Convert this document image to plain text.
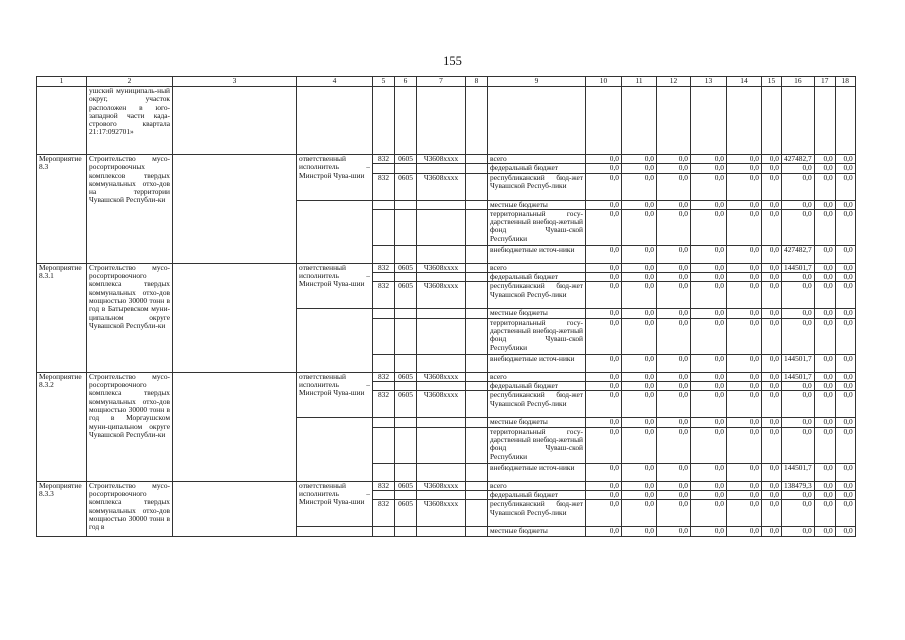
155
1	2	3	4	5	6	7	8	9	10	11	12	13	14	15	16	17	18
	ушский муниципаль-ный округ, участок расположен в юго-западной части када-стрового квартала 21:17:092701»																
Мероприятие 8.3	Строительство мусо-росортировочных комплексов твердых коммунальных отхо-дов на территории Чувашской Республи-ки		ответственный исполнитель – Минстрой Чува-шии	832	0605	Ч3608хххх		всего	0,0	0,0	0,0	0,0	0,0	0,0	427482,7	0,0	0,0
								федеральный бюджет	0,0	0,0	0,0	0,0	0,0	0,0	0,0	0,0	0,0
				832	0605	Ч3608хххх		республиканский бюд-жет Чувашской Респуб-лики	0,0	0,0	0,0	0,0	0,0	0,0	0,0	0,0	0,0
								местные бюджеты	0,0	0,0	0,0	0,0	0,0	0,0	0,0	0,0	0,0
								территориальный госу-дарственный внебюд-жетный фонд Чуваш-ской Республики	0,0	0,0	0,0	0,0	0,0	0,0	0,0	0,0	0,0
								внебюджетные источ-ники	0,0	0,0	0,0	0,0	0,0	0,0	427482,7	0,0	0,0
Мероприятие 8.3.1	Строительство мусо-росортировочного комплекса твердых коммунальных отхо-дов мощностью 30000 тонн в год в Батыревском муни-ципальном округе Чувашской Республи-ки		ответственный исполнитель – Минстрой Чува-шии	832	0605	Ч3608хххх		всего	0,0	0,0	0,0	0,0	0,0	0,0	144501,7	0,0	0,0
								федеральный бюджет	0,0	0,0	0,0	0,0	0,0	0,0	0,0	0,0	0,0
				832	0605	Ч3608хххх		республиканский бюд-жет Чувашской Респуб-лики	0,0	0,0	0,0	0,0	0,0	0,0	0,0	0,0	0,0
								местные бюджеты	0,0	0,0	0,0	0,0	0,0	0,0	0,0	0,0	0,0
								территориальный госу-дарственный внебюд-жетный фонд Чуваш-ской Республики	0,0	0,0	0,0	0,0	0,0	0,0	0,0	0,0	0,0
								внебюджетные источ-ники	0,0	0,0	0,0	0,0	0,0	0,0	144501,7	0,0	0,0
Мероприятие 8.3.2	Строительство мусо-росортировочного комплекса твердых коммунальных отхо-дов мощностью 30000 тонн в год в Моргаушском муни-ципальном округе Чувашской Республи-ки		ответственный исполнитель – Минстрой Чува-шии	832	0605	Ч3608хххх		всего	0,0	0,0	0,0	0,0	0,0	0,0	144501,7	0,0	0,0
								федеральный бюджет	0,0	0,0	0,0	0,0	0,0	0,0	0,0	0,0	0,0
				832	0605	Ч3608хххх		республиканский бюд-жет Чувашской Респуб-лики	0,0	0,0	0,0	0,0	0,0	0,0	0,0	0,0	0,0
								местные бюджеты	0,0	0,0	0,0	0,0	0,0	0,0	0,0	0,0	0,0
								территориальный госу-дарственный внебюд-жетный фонд Чуваш-ской Республики	0,0	0,0	0,0	0,0	0,0	0,0	0,0	0,0	0,0
								внебюджетные источ-ники	0,0	0,0	0,0	0,0	0,0	0,0	144501,7	0,0	0,0
Мероприятие 8.3.3	Строительство мусо-росортировочного комплекса твердых коммунальных отхо-дов мощностью 30000 тонн в год в		ответственный исполнитель – Минстрой Чува-шии	832	0605	Ч3608хххх		всего	0,0	0,0	0,0	0,0	0,0	0,0	138479,3	0,0	0,0
								федеральный бюджет	0,0	0,0	0,0	0,0	0,0	0,0	0,0	0,0	0,0
				832	0605	Ч3608хххх		республиканский бюд-жет Чувашской Респуб-лики	0,0	0,0	0,0	0,0	0,0	0,0	0,0	0,0	0,0
								местные бюджеты	0,0	0,0	0,0	0,0	0,0	0,0	0,0	0,0	0,0
